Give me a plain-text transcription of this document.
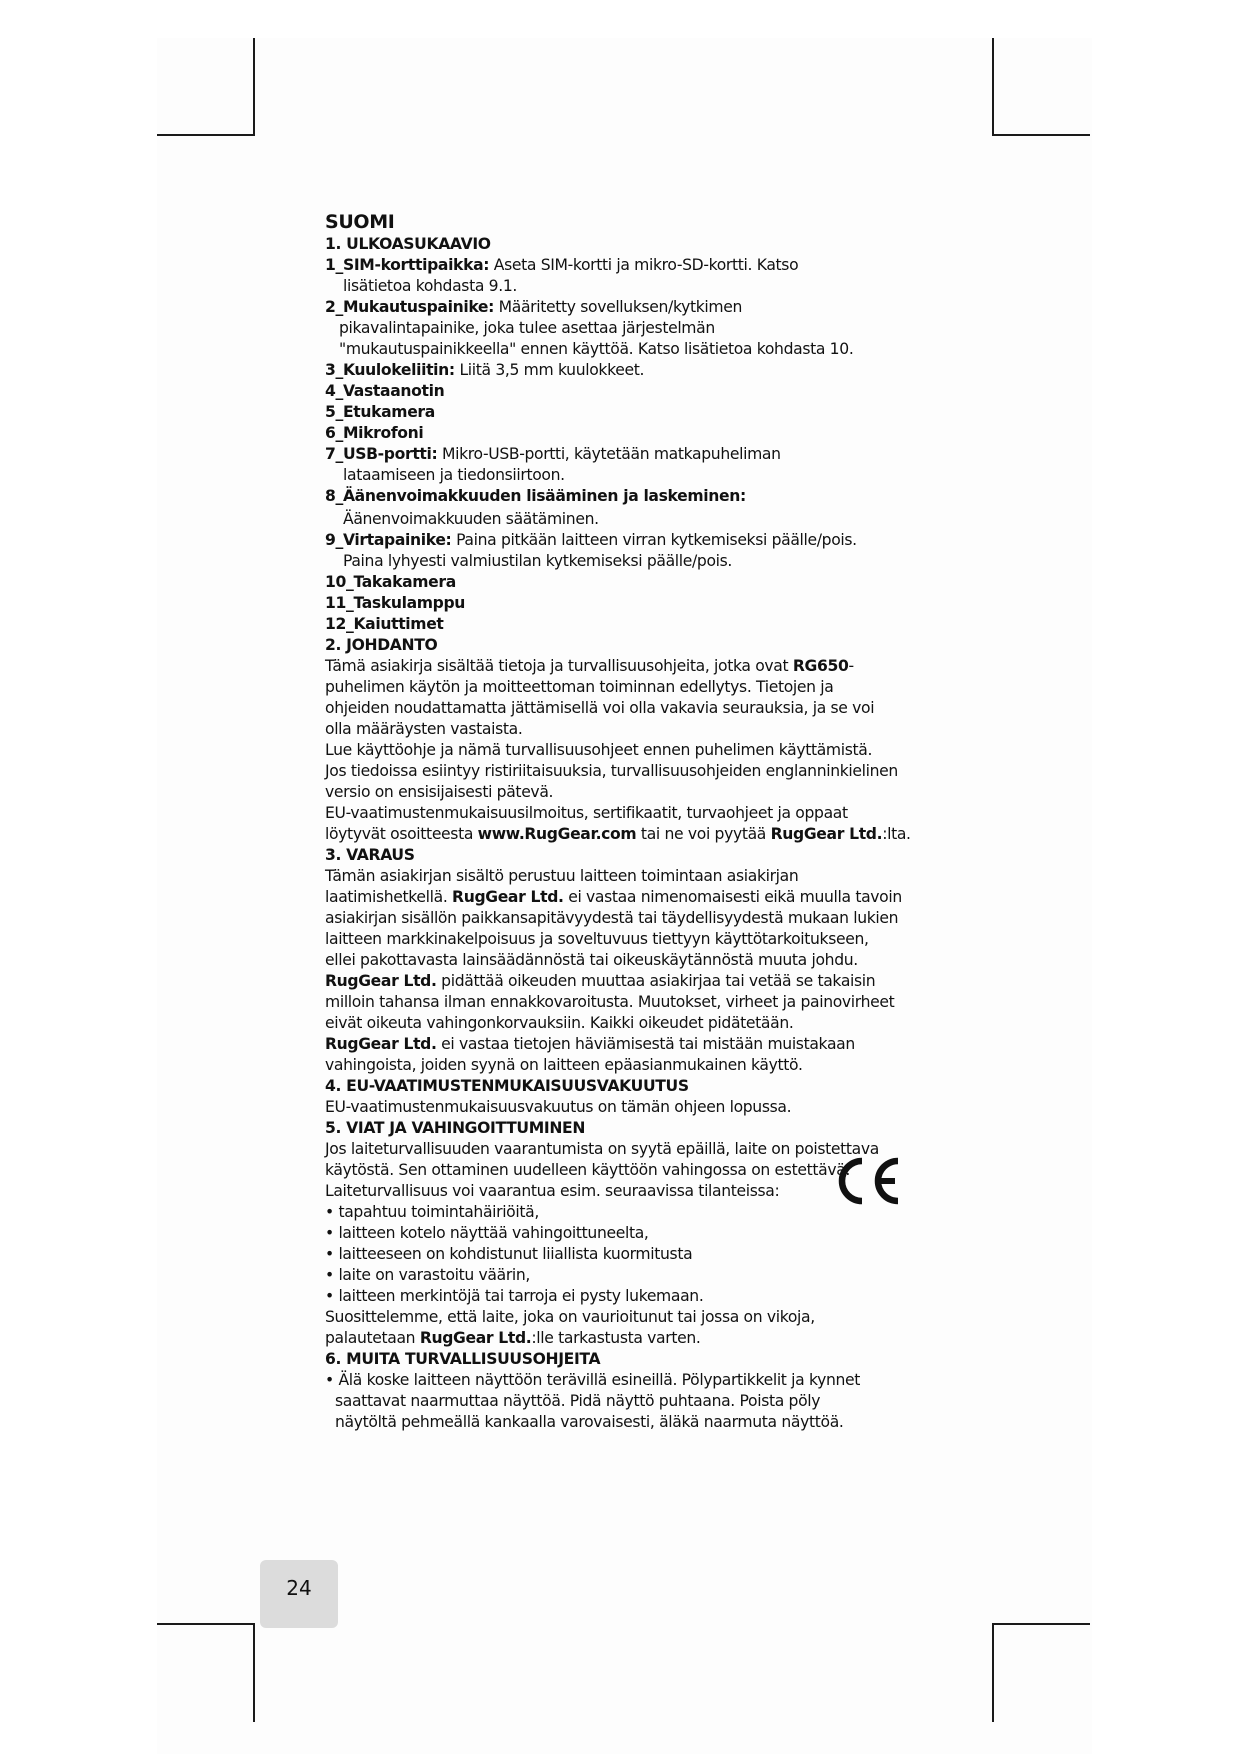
SUOMI

1. ULKOASUKAAVIO

1_SIM-korttipaikka: Aseta SIM-kortti ja mikro-SD-kortti. Katso

lisätietoa kohdasta 9.1.

2_Mukautuspainike: Määritetty sovelluksen/kytkimen

pikavalintapainike, joka tulee asettaa järjestelmän

"mukautuspainikkeella" ennen käyttöä. Katso lisätietoa kohdasta 10.

3_Kuulokeliitin: Liitä 3,5 mm kuulokkeet.

4_Vastaanotin

5_Etukamera

6_Mikrofoni

7_USB-portti: Mikro-USB-portti, käytetään matkapuheliman

lataamiseen ja tiedonsiirtoon.

8_Äänenvoimakkuuden lisääminen ja laskeminen:

Äänenvoimakkuuden säätäminen.

9_Virtapainike: Paina pitkään laitteen virran kytkemiseksi päälle/pois.

Paina lyhyesti valmiustilan kytkemiseksi päälle/pois.

10_Takakamera

11_Taskulamppu

12_Kaiuttimet

2. JOHDANTO

Tämä asiakirja sisältää tietoja ja turvallisuusohjeita, jotka ovat RG650-

puhelimen käytön ja moitteettoman toiminnan edellytys. Tietojen ja

ohjeiden noudattamatta jättämisellä voi olla vakavia seurauksia, ja se voi

olla määräysten vastaista.

Lue käyttöohje ja nämä turvallisuusohjeet ennen puhelimen käyttämistä.

Jos tiedoissa esiintyy ristiriitaisuuksia, turvallisuusohjeiden englanninkielinen

versio on ensisijaisesti pätevä.

EU-vaatimustenmukaisuusilmoitus, sertifikaatit, turvaohjeet ja oppaat

löytyvät osoitteesta www.RugGear.com tai ne voi pyytää RugGear Ltd.:lta.

3. VARAUS

Tämän asiakirjan sisältö perustuu laitteen toimintaan asiakirjan

laatimishetkellä. RugGear Ltd. ei vastaa nimenomaisesti eikä muulla tavoin

asiakirjan sisällön paikkansapitävyydestä tai täydellisyydestä mukaan lukien

laitteen markkinakelpoisuus ja soveltuvuus tiettyyn käyttötarkoitukseen,

ellei pakottavasta lainsäädännöstä tai oikeuskäytännöstä muuta johdu.

RugGear Ltd. pidättää oikeuden muuttaa asiakirjaa tai vetää se takaisin

milloin tahansa ilman ennakkovaroitusta. Muutokset, virheet ja painovirheet

eivät oikeuta vahingonkorvauksiin. Kaikki oikeudet pidätetään.

RugGear Ltd. ei vastaa tietojen häviämisestä tai mistään muistakaan

vahingoista, joiden syynä on laitteen epäasianmukainen käyttö.

4. EU-VAATIMUSTENMUKAISUUSVAKUUTUS

EU-vaatimustenmukaisuusvakuutus on tämän ohjeen lopussa.

5. VIAT JA VAHINGOITTUMINEN

Jos laiteturvallisuuden vaarantumista on syytä epäillä, laite on poistettava

käytöstä. Sen ottaminen uudelleen käyttöön vahingossa on estettävä.

Laiteturvallisuus voi vaarantua esim. seuraavissa tilanteissa:

• tapahtuu toimintahäiriöitä,

• laitteen kotelo näyttää vahingoittuneelta,

• laitteeseen on kohdistunut liiallista kuormitusta

• laite on varastoitu väärin,

• laitteen merkintöjä tai tarroja ei pysty lukemaan.

Suosittelemme, että laite, joka on vaurioitunut tai jossa on vikoja,

palautetaan RugGear Ltd.:lle tarkastusta varten.

6. MUITA TURVALLISUUSOHJEITA

• Älä koske laitteen näyttöön terävillä esineillä. Pölypartikkelit ja kynnet

saattavat naarmuttaa näyttöä. Pidä näyttö puhtaana. Poista pöly

näytöltä pehmeällä kankaalla varovaisesti, äläkä naarmuta näyttöä.

24
